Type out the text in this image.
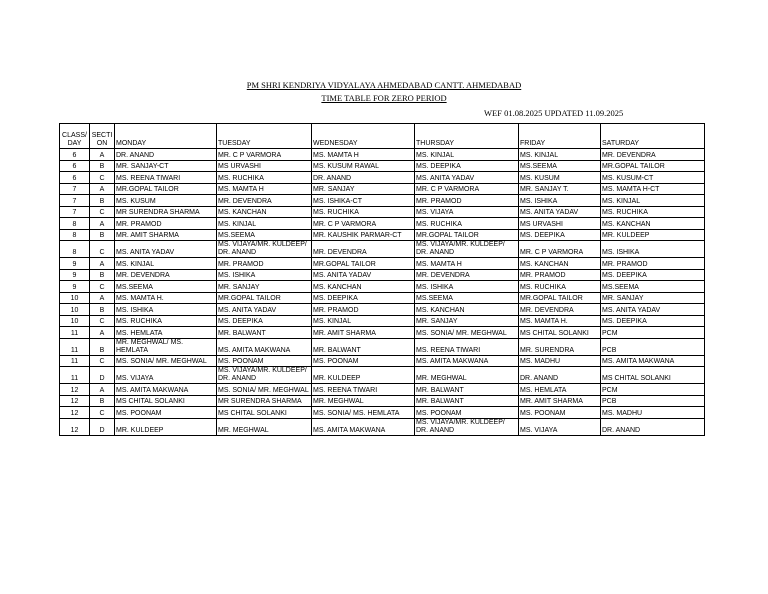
PM SHRI KENDRIYA VIDYALAYA AHMEDABAD CANTT. AHMEDABAD
TIME TABLE FOR ZERO PERIOD
WEF 01.08.2025 UPDATED 11.09.2025
CLASS/ DAY	SECTI ON	MONDAY	TUESDAY	WEDNESDAY	THURSDAY	FRIDAY	SATURDAY
6	A	DR. ANAND	MR. C P VARMORA	MS. MAMTA H	MS. KINJAL	MS. KINJAL	MR. DEVENDRA
6	B	MR. SANJAY-CT	MS URVASHI	MS. KUSUM RAWAL	MS. DEEPIKA	MS.SEEMA	MR.GOPAL TAILOR
6	C	MS. REENA TIWARI	MS. RUCHIKA	DR. ANAND	MS. ANITA YADAV	MS. KUSUM	MS. KUSUM-CT
7	A	MR.GOPAL TAILOR	MS. MAMTA H	MR. SANJAY	MR. C P VARMORA	MR. SANJAY T.	MS. MAMTA H-CT
7	B	MS. KUSUM	MR. DEVENDRA	MS. ISHIKA-CT	MR. PRAMOD	MS. ISHIKA	MS. KINJAL
7	C	MR SURENDRA SHARMA	MS. KANCHAN	MS. RUCHIKA	MS. VIJAYA	MS. ANITA YADAV	MS. RUCHIKA
8	A	MR. PRAMOD	MS. KINJAL	MR. C P VARMORA	MS. RUCHIKA	MS URVASHI	MS. KANCHAN
8	B	MR. AMIT SHARMA	MS.SEEMA	MR. KAUSHIK PARMAR-CT	MR.GOPAL TAILOR	MS. DEEPIKA	MR. KULDEEP
8	C	MS. ANITA YADAV	MS. VIJAYA/MR. KULDEEP/ DR. ANAND	MR. DEVENDRA	MS. VIJAYA/MR. KULDEEP/ DR. ANAND	MR. C P VARMORA	MS. ISHIKA
9	A	MS. KINJAL	MR. PRAMOD	MR.GOPAL TAILOR	MS. MAMTA H	MS. KANCHAN	MR. PRAMOD
9	B	MR. DEVENDRA	MS. ISHIKA	MS. ANITA YADAV	MR. DEVENDRA	MR. PRAMOD	MS. DEEPIKA
9	C	MS.SEEMA	MR. SANJAY	MS. KANCHAN	MS. ISHIKA	MS. RUCHIKA	MS.SEEMA
10	A	MS. MAMTA H.	MR.GOPAL TAILOR	MS. DEEPIKA	MS.SEEMA	MR.GOPAL TAILOR	MR. SANJAY
10	B	MS. ISHIKA	MS. ANITA YADAV	MR. PRAMOD	MS. KANCHAN	MR. DEVENDRA	MS. ANITA YADAV
10	C	MS. RUCHIKA	MS. DEEPIKA	MS. KINJAL	MR. SANJAY	MS. MAMTA H.	MS. DEEPIKA
11	A	MS. HEMLATA	MR. BALWANT	MR. AMIT SHARMA	MS. SONIA/ MR. MEGHWAL	MS CHITAL SOLANKI	PCM
11	B	MR. MEGHWAL/ MS. HEMLATA	MS. AMITA MAKWANA	MR. BALWANT	MS. REENA TIWARI	MR. SURENDRA	PCB
11	C	MS. SONIA/ MR. MEGHWAL	MS. POONAM	MS. POONAM	MS. AMITA MAKWANA	MS. MADHU	MS. AMITA MAKWANA
11	D	MS. VIJAYA	MS. VIJAYA/MR. KULDEEP/ DR. ANAND	MR. KULDEEP	MR. MEGHWAL	DR. ANAND	MS CHITAL SOLANKI
12	A	MS. AMITA MAKWANA	MS. SONIA/ MR. MEGHWAL	MS. REENA TIWARI	MR. BALWANT	MS. HEMLATA	PCM
12	B	MS CHITAL SOLANKI	MR SURENDRA SHARMA	MR. MEGHWAL	MR. BALWANT	MR. AMIT SHARMA	PCB
12	C	MS. POONAM	MS CHITAL SOLANKI	MS. SONIA/ MS. HEMLATA	MS. POONAM	MS. POONAM	MS. MADHU
12	D	MR. KULDEEP	MR. MEGHWAL	MS. AMITA MAKWANA	MS. VIJAYA/MR. KULDEEP/ DR. ANAND	MS. VIJAYA	DR. ANAND
